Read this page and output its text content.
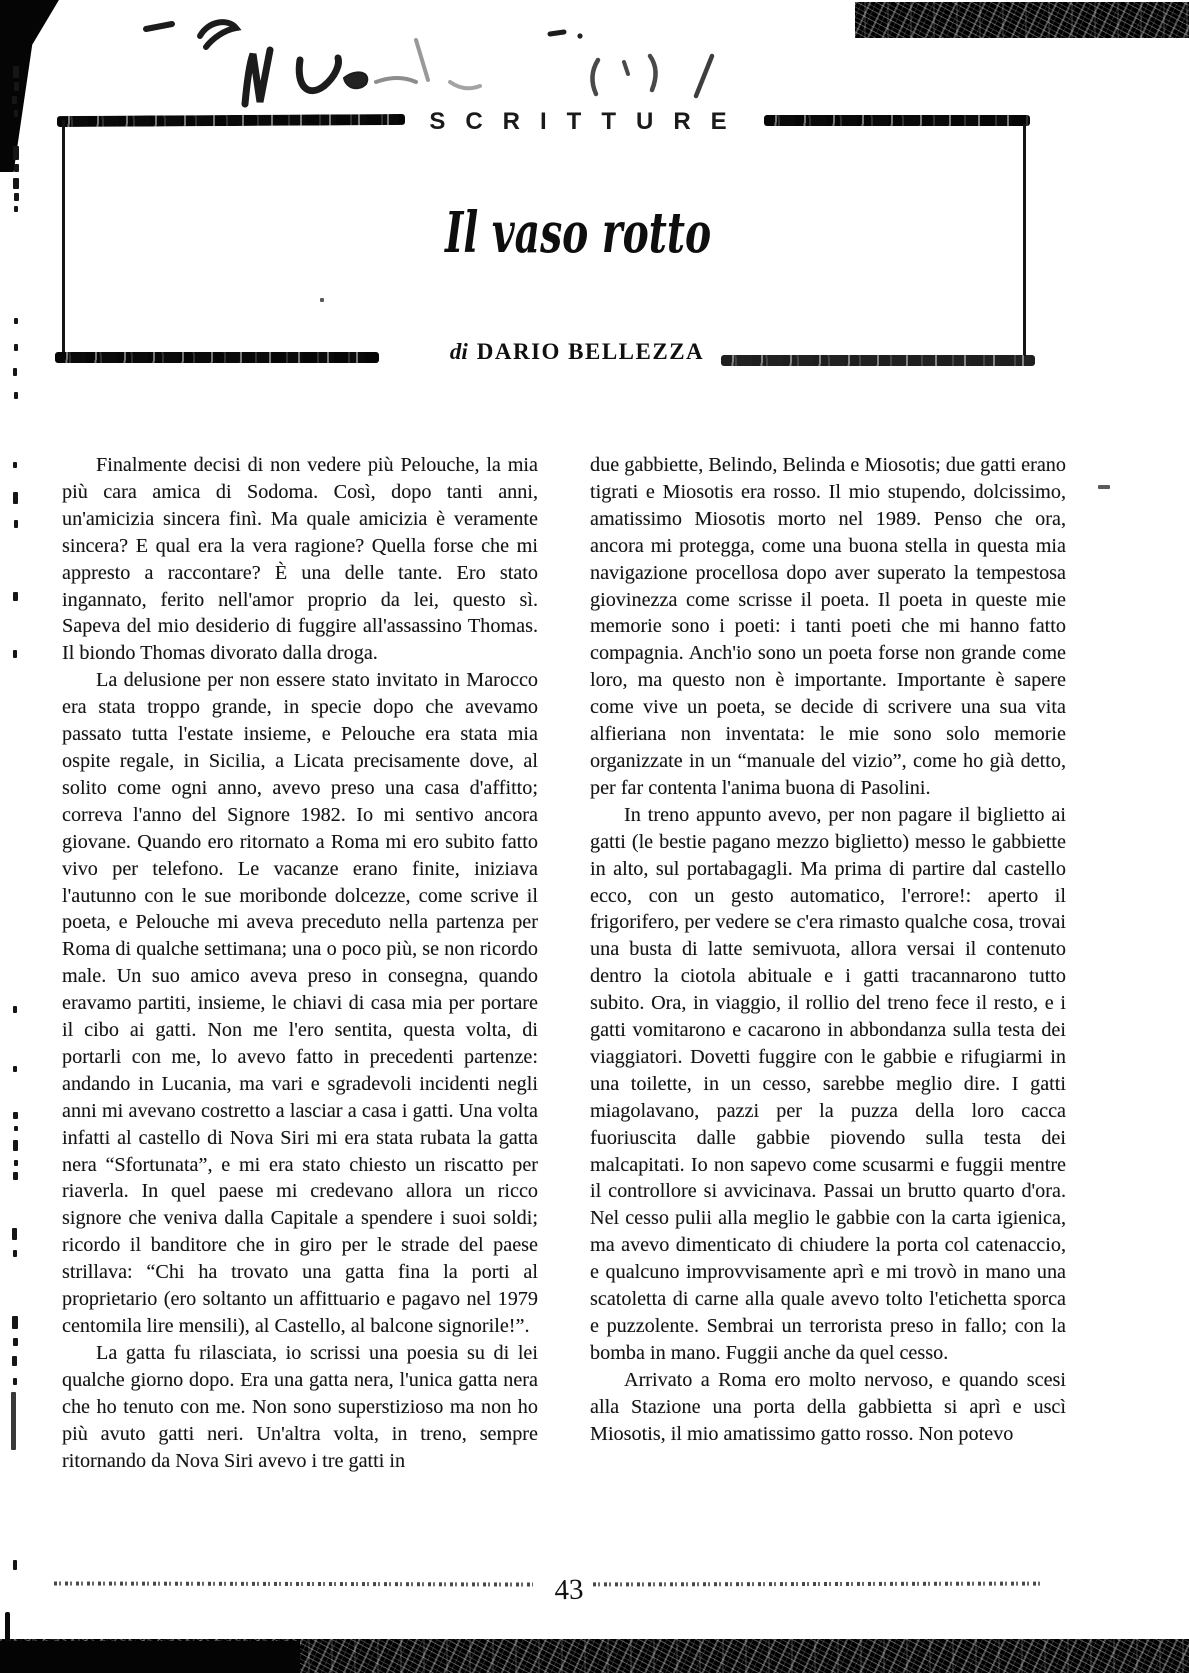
SCRITTURE
Il vaso rotto
di DARIO BELLEZZA

Finalmente decisi di non vedere più Pelouche, la mia più cara amica di Sodoma. Così, dopo tanti anni, un'amicizia sincera finì. Ma quale amicizia è veramente sincera? E qual era la vera ragione? Quella forse che mi appresto a raccontare? È una delle tante. Ero stato ingannato, ferito nell'amor proprio da lei, questo sì. Sapeva del mio desiderio di fuggire all'assassino Thomas. Il biondo Thomas divorato dalla droga.

La delusione per non essere stato invitato in Marocco era stata troppo grande, in specie dopo che avevamo passato tutta l'estate insieme, e Pelouche era stata mia ospite regale, in Sicilia, a Licata precisamente dove, al solito come ogni anno, avevo preso una casa d'affitto; correva l'anno del Signore 1982. Io mi sentivo ancora giovane. Quando ero ritornato a Roma mi ero subito fatto vivo per telefono. Le vacanze erano finite, iniziava l'autunno con le sue moribonde dolcezze, come scrive il poeta, e Pelouche mi aveva preceduto nella partenza per Roma di qualche settimana; una o poco più, se non ricordo male. Un suo amico aveva preso in consegna, quando eravamo partiti, insieme, le chiavi di casa mia per portare il cibo ai gatti. Non me l'ero sentita, questa volta, di portarli con me, lo avevo fatto in precedenti partenze: andando in Lucania, ma vari e sgradevoli incidenti negli anni mi avevano costretto a lasciar a casa i gatti. Una volta infatti al castello di Nova Siri mi era stata rubata la gatta nera “Sfortunata”, e mi era stato chiesto un riscatto per riaverla. In quel paese mi credevano allora un ricco signore che veniva dalla Capitale a spendere i suoi soldi; ricordo il banditore che in giro per le strade del paese strillava: “Chi ha trovato una gatta fina la porti al proprietario (ero soltanto un affittuario e pagavo nel 1979 centomila lire mensili), al Castello, al balcone signorile!”.

La gatta fu rilasciata, io scrissi una poesia su di lei qualche giorno dopo. Era una gatta nera, l'unica gatta nera che ho tenuto con me. Non sono superstizioso ma non ho più avuto gatti neri. Un'altra volta, in treno, sempre ritornando da Nova Siri avevo i tre gatti in

due gabbiette, Belindo, Belinda e Miosotis; due gatti erano tigrati e Miosotis era rosso. Il mio stupendo, dolcissimo, amatissimo Miosotis morto nel 1989. Penso che ora, ancora mi protegga, come una buona stella in questa mia navigazione procellosa dopo aver superato la tempestosa giovinezza come scrisse il poeta. Il poeta in queste mie memorie sono i poeti: i tanti poeti che mi hanno fatto compagnia. Anch'io sono un poeta forse non grande come loro, ma questo non è importante. Importante è sapere come vive un poeta, se decide di scrivere una sua vita alfieriana non inventata: le mie sono solo memorie organizzate in un “manuale del vizio”, come ho già detto, per far contenta l'anima buona di Pasolini.

In treno appunto avevo, per non pagare il biglietto ai gatti (le bestie pagano mezzo biglietto) messo le gabbiette in alto, sul portabagagli. Ma prima di partire dal castello ecco, con un gesto automatico, l'errore!: aperto il frigorifero, per vedere se c'era rimasto qualche cosa, trovai una busta di latte semivuota, allora versai il contenuto dentro la ciotola abituale e i gatti tracannarono tutto subito. Ora, in viaggio, il rollio del treno fece il resto, e i gatti vomitarono e cacarono in abbondanza sulla testa dei viaggiatori. Dovetti fuggire con le gabbie e rifugiarmi in una toilette, in un cesso, sarebbe meglio dire. I gatti miagolavano, pazzi per la puzza della loro cacca fuoriuscita dalle gabbie piovendo sulla testa dei malcapitati. Io non sapevo come scusarmi e fuggii mentre il controllore si avvicinava. Passai un brutto quarto d'ora. Nel cesso pulii alla meglio le gabbie con la carta igienica, ma avevo dimenticato di chiudere la porta col catenaccio, e qualcuno improvvisamente aprì e mi trovò in mano una scatoletta di carne alla quale avevo tolto l'etichetta sporca e puzzolente. Sembrai un terrorista preso in fallo; con la bomba in mano. Fuggii anche da quel cesso.

Arrivato a Roma ero molto nervoso, e quando scesi alla Stazione una porta della gabbietta si aprì e uscì Miosotis, il mio amatissimo gatto rosso. Non potevo

43
